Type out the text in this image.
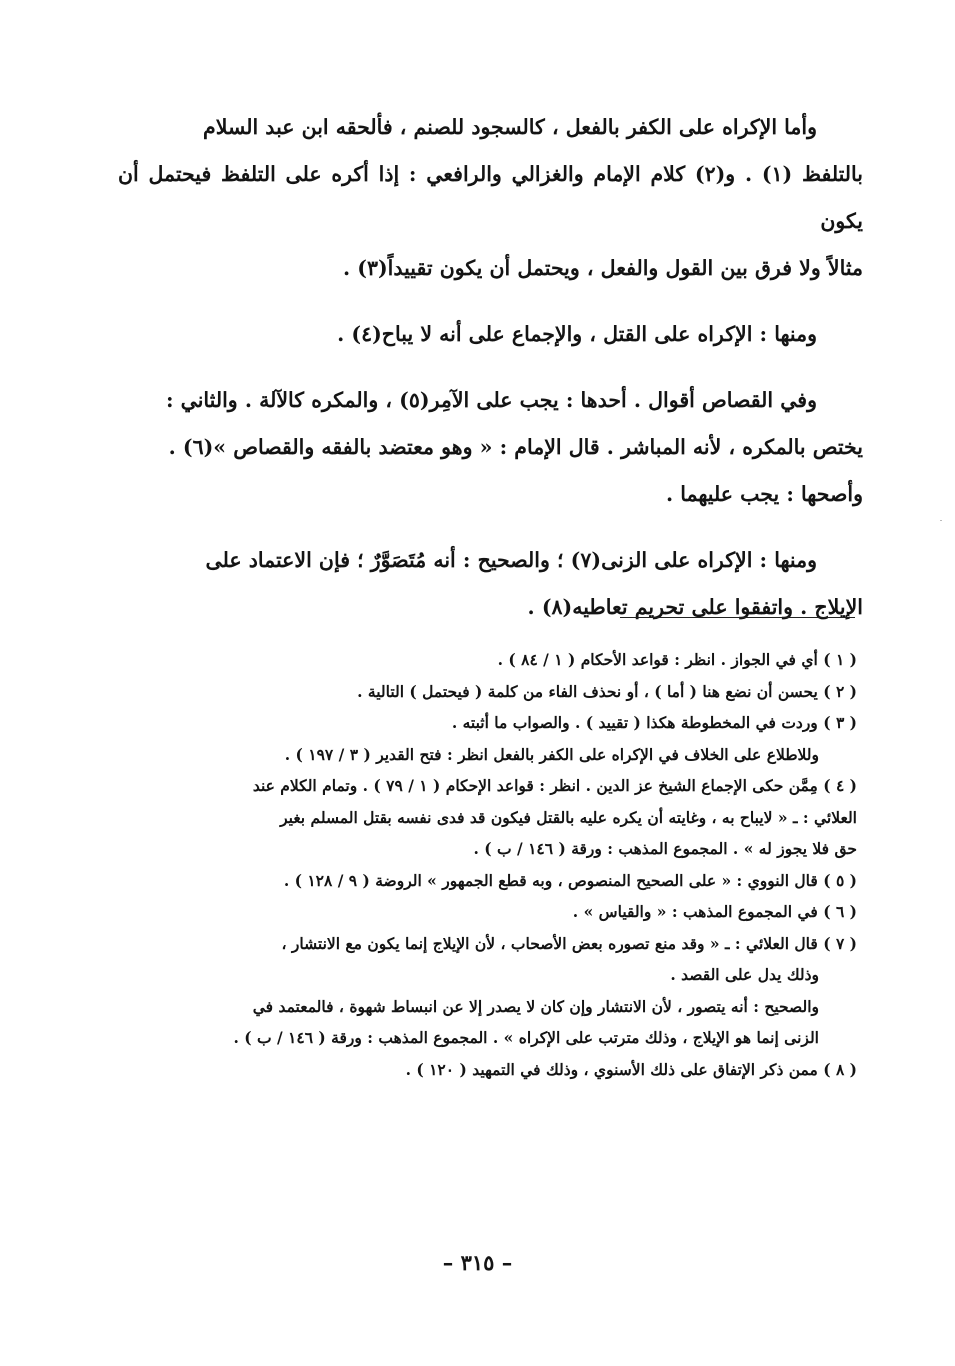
وأما الإكراه على الكفر بالفعل ، كالسجود للصنم ، فألحقه ابن عبد السلام

بالتلفظ (١) . و(٢) كلام الإمام والغزالي والرافعي : إذا أكره على التلفظ فيحتمل أن يكون

مثالاً ولا فرق بين القول والفعل ، ويحتمل أن يكون تقييداً(٣) .

ومنها : الإكراه على القتل ، والإجماع على أنه لا يباح(٤) .

وفي القصاص أقوال . أحدها : يجب على الآمِر(٥) ، والمكره كالآلة . والثاني :

يختص بالمكره ، لأنه المباشر . قال الإمام : « وهو معتضد بالفقه والقصاص »(٦) .

وأصحها : يجب عليهما .

ومنها : الإكراه على الزنى(٧) ؛ والصحيح : أنه مُتَصَوَّرٌ ؛ فإن الاعتماد على

الإيلاج . واتفقوا على تحريم تعاطيه(٨) .

( ١ ) أي في الجواز . انظر : قواعد الأحكام ( ١ / ٨٤ ) .

( ٢ ) يحسن أن نضع هنا ( أما ) ، أو نحذف الفاء من كلمة ( فيحتمل ) التالية .

( ٣ ) وردت في المخطوطة هكذا ( تقييد ) . والصواب ما أثبته .

وللاطلاع على الخلاف في الإكراه على الكفر بالفعل انظر : فتح القدير ( ٣ / ١٩٧ ) .

( ٤ ) مِمَّن حكى الإجماع الشيخ عز الدين . انظر : قواعد الإحكام ( ١ / ٧٩ ) . وتمام الكلام عند

العلائي : ـ « لايباح به ، وغايته أن يكره عليه بالقتل فيكون قد فدى نفسه بقتل المسلم بغير

حق فلا يجوز له » . المجموع المذهب : ورقة ( ١٤٦ / ب ) .

( ٥ ) قال النووي : « على الصحيح المنصوص ، وبه قطع الجمهور » الروضة ( ٩ / ١٢٨ ) .

( ٦ ) في المجموع المذهب : « والقياس » .

( ٧ ) قال العلائي : ـ « وقد منع تصوره بعض الأصحاب ، لأن الإيلاج إنما يكون مع الانتشار ،

وذلك يدل على القصد .

والصحيح : أنه يتصور ، لأن الانتشار وإن كان لا يصدر إلا عن انبساط شهوة ، فالمعتمد في

الزنى إنما هو الإيلاج ، وذلك مترتب على الإكراه » . المجموع المذهب : ورقة ( ١٤٦ / ب ) .

( ٨ ) ممن ذكر الإتفاق على ذلك الأسنوي ، وذلك في التمهيد ( ١٢٠ ) .

– ٣١٥ –
